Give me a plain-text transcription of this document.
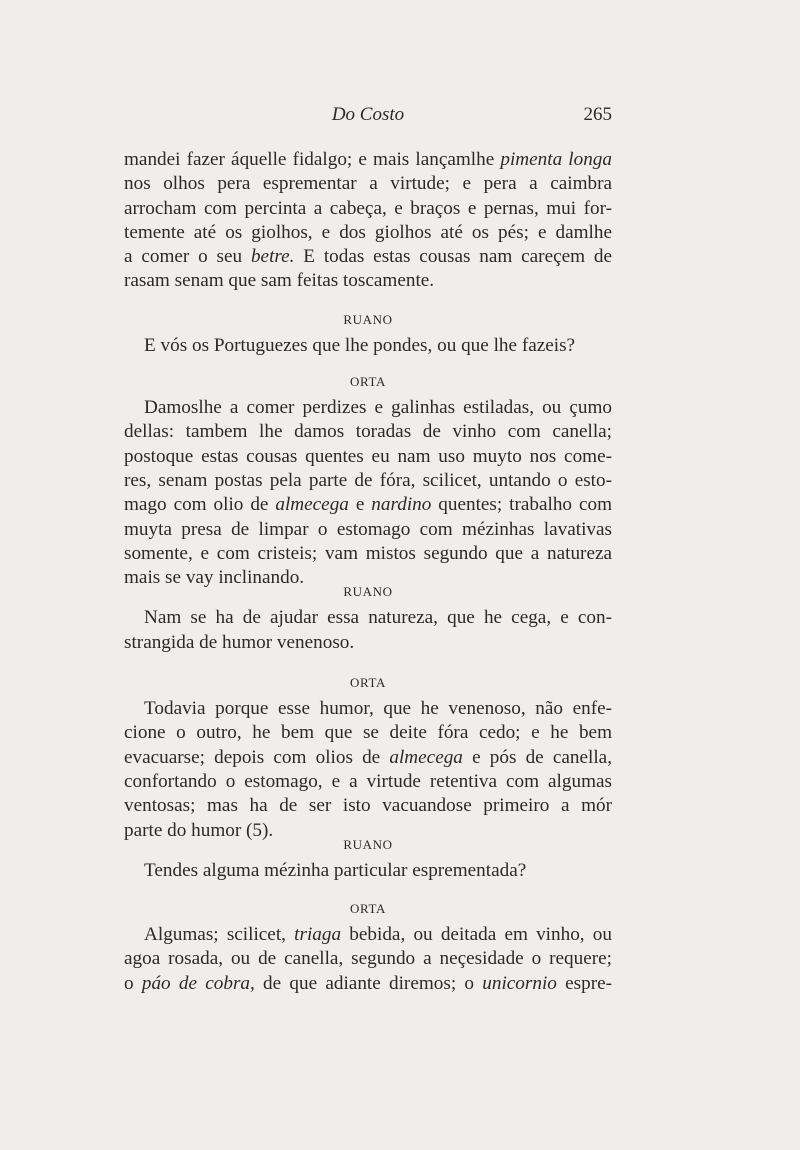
Do Costo	265

mandei fazer áquelle fidalgo; e mais lançamlhe pimenta longa
nos olhos pera esprementar a virtude; e pera a caimbra
arrocham com percinta a cabeça, e braços e pernas, mui for-
temente até os giolhos, e dos giolhos até os pés; e damlhe
a comer o seu betre. E todas estas cousas nam careçem de
rasam senam que sam feitas toscamente.

RUANO

E vós os Portuguezes que lhe pondes, ou que lhe fazeis?

ORTA

Damoslhe a comer perdizes e galinhas estiladas, ou çumo
dellas: tambem lhe damos toradas de vinho com canella;
postoque estas cousas quentes eu nam uso muyto nos come-
res, senam postas pela parte de fóra, scilicet, untando o esto-
mago com olio de almecega e nardino quentes; trabalho com
muyta presa de limpar o estomago com mézinhas lavativas
somente, e com cristeis; vam mistos segundo que a natureza
mais se vay inclinando.

RUANO

Nam se ha de ajudar essa natureza, que he cega, e con-
strangida de humor venenoso.

ORTA

Todavia porque esse humor, que he venenoso, não enfe-
cione o outro, he bem que se deite fóra cedo; e he bem
evacuarse; depois com olios de almecega e pós de canella,
confortando o estomago, e a virtude retentiva com algumas
ventosas; mas ha de ser isto vacuandose primeiro a mór
parte do humor (5).

RUANO

Tendes alguma mézinha particular esprementada?

ORTA

Algumas; scilicet, triaga bebida, ou deitada em vinho, ou
agoa rosada, ou de canella, segundo a neçesidade o requere;
o páo de cobra, de que adiante diremos; o unicornio espre-
